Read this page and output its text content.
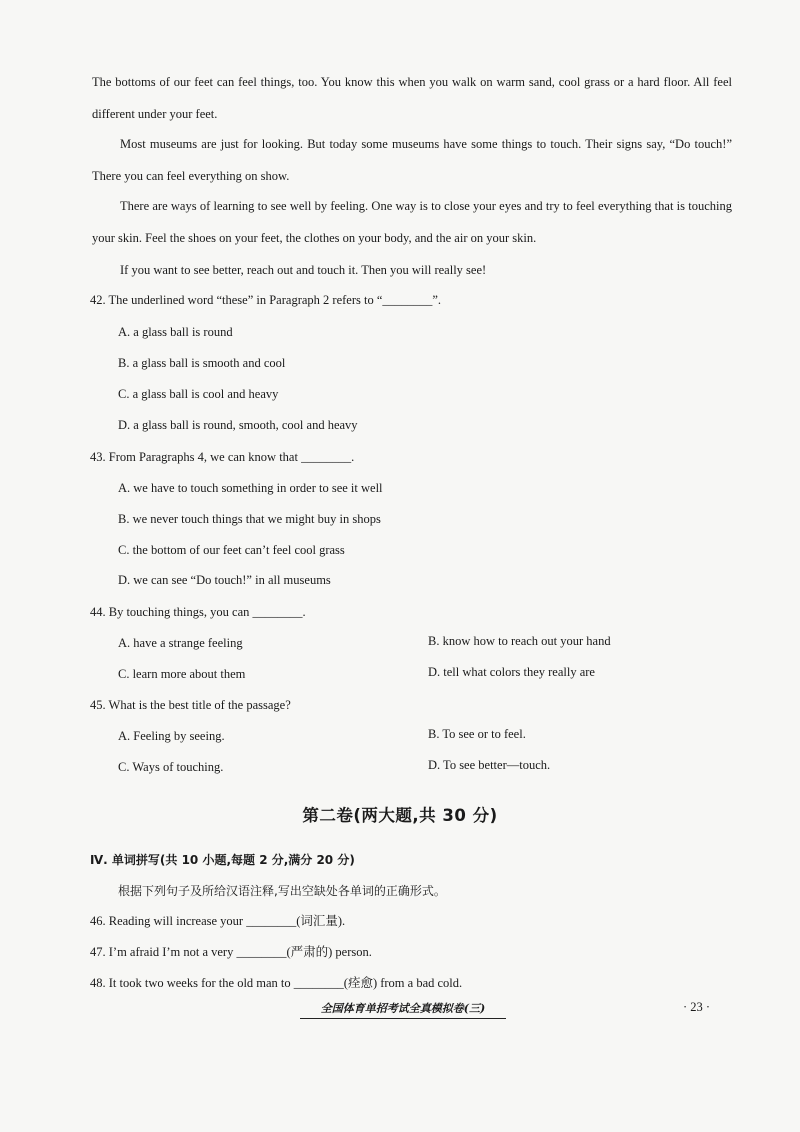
The bottoms of our feet can feel things, too. You know this when you walk on warm sand, cool grass or a hard floor. All feel different under your feet.
Most museums are just for looking. But today some museums have some things to touch. Their signs say, “Do touch!” There you can feel everything on show.
There are ways of learning to see well by feeling. One way is to close your eyes and try to feel everything that is touching your skin. Feel the shoes on your feet, the clothes on your body, and the air on your skin.
If you want to see better, reach out and touch it. Then you will really see!
42. The underlined word “these” in Paragraph 2 refers to “________”.
A. a glass ball is round
B. a glass ball is smooth and cool
C. a glass ball is cool and heavy
D. a glass ball is round, smooth, cool and heavy
43. From Paragraphs 4, we can know that ________.
A. we have to touch something in order to see it well
B. we never touch things that we might buy in shops
C. the bottom of our feet can’t feel cool grass
D. we can see “Do touch!” in all museums
44. By touching things, you can ________.
A. have a strange feeling	B. know how to reach out your hand
C. learn more about them	D. tell what colors they really are
45. What is the best title of the passage?
A. Feeling by seeing.	B. To see or to feel.
C. Ways of touching.	D. To see better—touch.
第二卷(两大题,共 30 分)
Ⅳ. 单词拼写(共 10 小题,每题 2 分,满分 20 分)
根据下列句子及所给汉语注释,写出空缺处各单词的正确形式。
46. Reading will increase your ________(词汇量).
47. I’m afraid I’m not a very ________(严肃的) person.
48. It took two weeks for the old man to ________(痊愈) from a bad cold.
全国体育单招考试全真模拟卷(三)	· 23 ·
